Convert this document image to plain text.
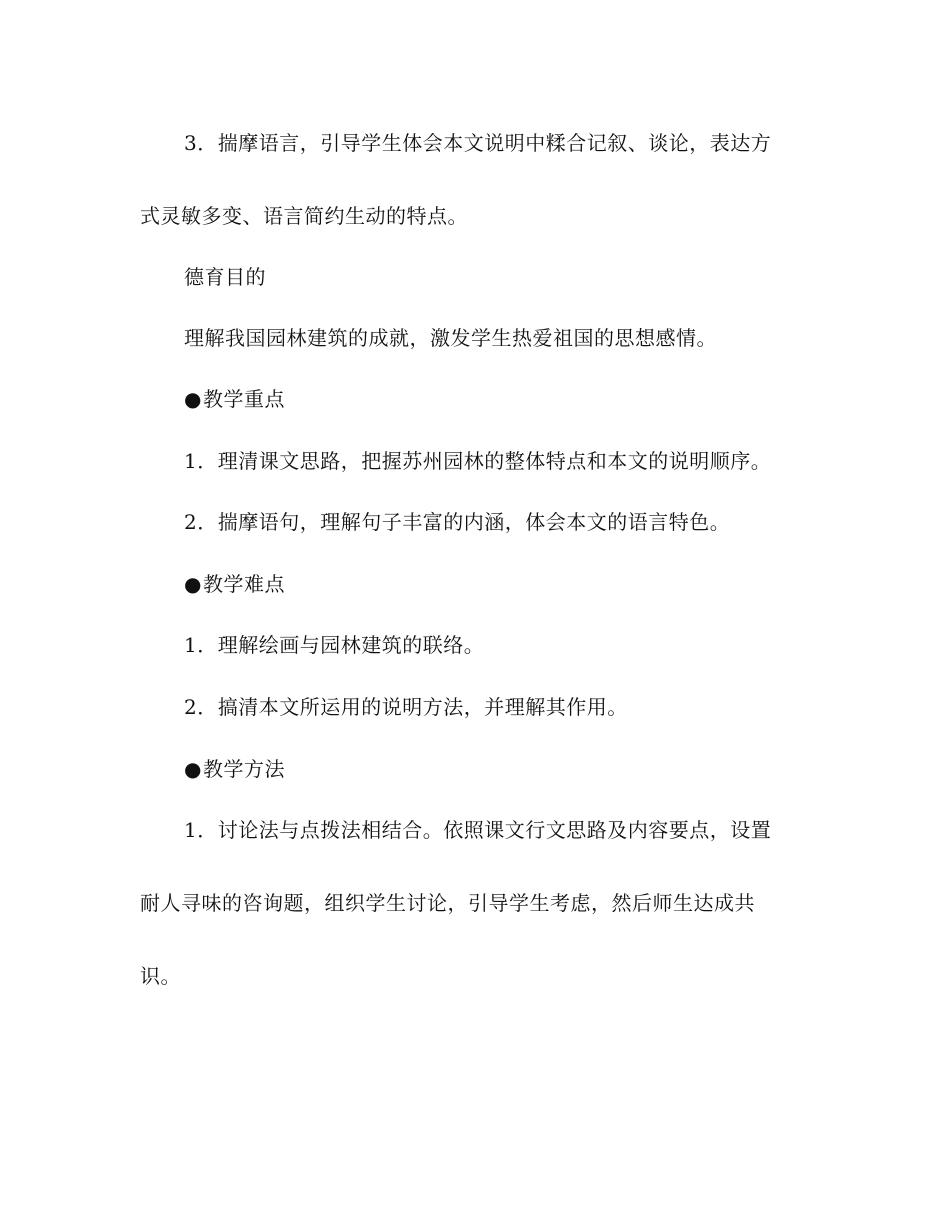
3．揣摩语言，引导学生体会本文说明中糅合记叙、谈论，表达方
式灵敏多变、语言简约生动的特点。
德育目的
理解我国园林建筑的成就，激发学生热爱祖国的思想感情。
●教学重点
1．理清课文思路，把握苏州园林的整体特点和本文的说明顺序。
2．揣摩语句，理解句子丰富的内涵，体会本文的语言特色。
●教学难点
1．理解绘画与园林建筑的联络。
2．搞清本文所运用的说明方法，并理解其作用。
●教学方法
1．讨论法与点拨法相结合。依照课文行文思路及内容要点，设置
耐人寻味的咨询题，组织学生讨论，引导学生考虑，然后师生达成共
识。
